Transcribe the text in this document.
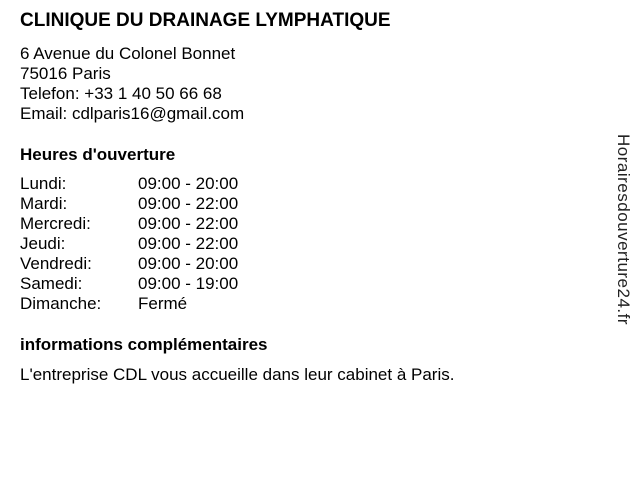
CLINIQUE DU DRAINAGE LYMPHATIQUE
6 Avenue du Colonel Bonnet
75016 Paris
Telefon: +33 1 40 50 66 68
Email: cdlparis16@gmail.com
Heures d'ouverture
Lundi:	09:00 - 20:00
Mardi:	09:00 - 22:00
Mercredi:	09:00 - 22:00
Jeudi:	09:00 - 22:00
Vendredi:	09:00 - 20:00
Samedi:	09:00 - 19:00
Dimanche: Fermé
informations complémentaires
L'entreprise CDL vous accueille dans leur cabinet à Paris.
Horairesdouverture24.fr
